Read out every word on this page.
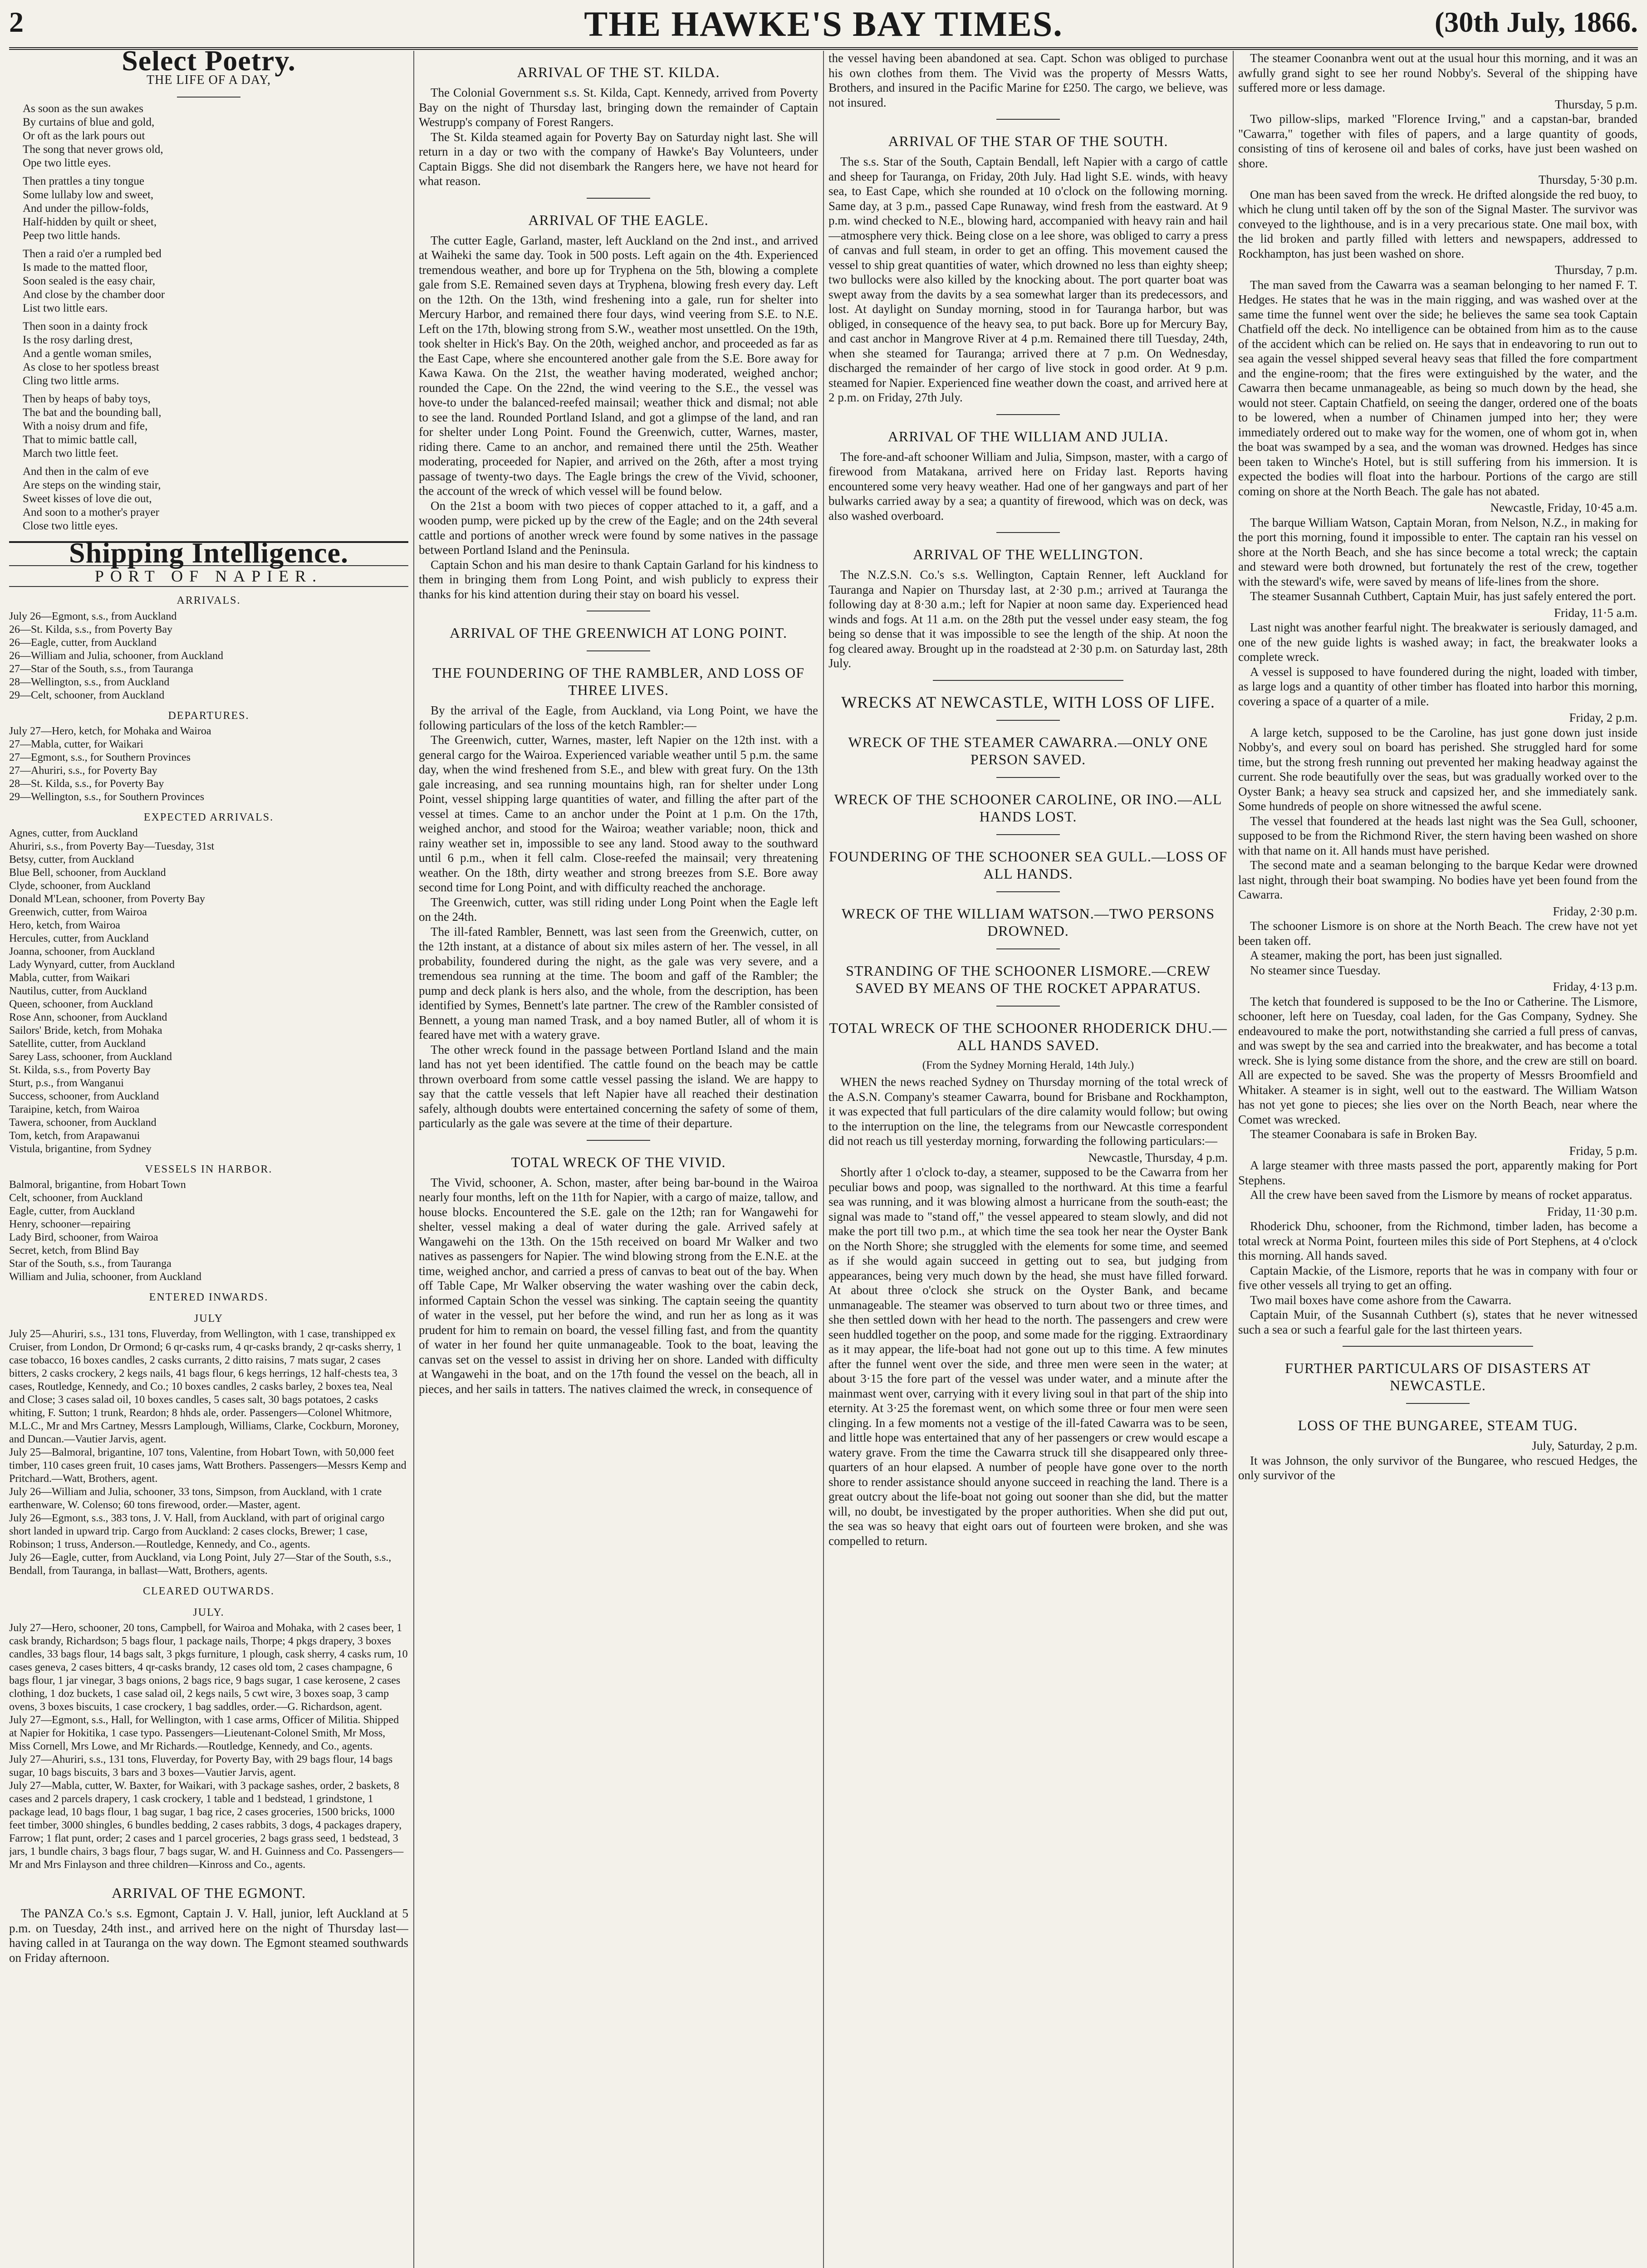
2	THE HAWKE'S BAY TIMES.	(30th July, 1866.
Select Poetry.
THE LIFE OF A DAY,
As soon as the sun awakes
By curtains of blue and gold,
Or oft as the lark pours out
The song that never grows old,
Ope two little eyes.
Then prattles a tiny tongue
Some lullaby low and sweet,
And under the pillow-folds,
Half-hidden by quilt or sheet,
Peep two little hands.
Then a raid o'er a rumpled bed
Is made to the matted floor,
Soon sealed is the easy chair,
And close by the chamber door
List two little ears.
Then soon in a dainty frock
Is the rosy darling drest,
And a gentle woman smiles,
As close to her spotless breast
Cling two little arms.
Then by heaps of baby toys,
The bat and the bounding ball,
With a noisy drum and fife,
That to mimic battle call,
March two little feet.
And then in the calm of eve
Are steps on the winding stair,
Sweet kisses of love die out,
And soon to a mother's prayer
Close two little eyes.
Shipping Intelligence.
PORT OF NAPIER.
ARRIVALS.
July 26—Egmont, s.s., from Auckland
26—St. Kilda, s.s., from Poverty Bay
26—Eagle, cutter, from Auckland
26—William and Julia, schooner, from Auckland
27—Star of the South, s.s., from Tauranga
28—Wellington, s.s., from Auckland
29—Celt, schooner, from Auckland
DEPARTURES.
July 27—Hero, ketch, for Mohaka and Wairoa
27—Mabla, cutter, for Waikari
27—Egmont, s.s., for Southern Provinces
27—Ahuriri, s.s., for Poverty Bay
28—St. Kilda, s.s., for Poverty Bay
29—Wellington, s.s., for Southern Provinces
EXPECTED ARRIVALS.
Agnes, cutter, from Auckland
Ahuriri, s.s., from Poverty Bay—Tuesday, 31st
Betsy, cutter, from Auckland
Blue Bell, schooner, from Auckland
Clyde, schooner, from Auckland
Donald M'Lean, schooner, from Poverty Bay
Greenwich, cutter, from Wairoa
Hero, ketch, from Wairoa
Hercules, cutter, from Auckland
Joanna, schooner, from Auckland
Lady Wynyard, cutter, from Auckland
Mabla, cutter, from Waikari
Nautilus, cutter, from Auckland
Queen, schooner, from Auckland
Rose Ann, schooner, from Auckland
Sailors' Bride, ketch, from Mohaka
Satellite, cutter, from Auckland
Sarey Lass, schooner, from Auckland
St. Kilda, s.s., from Poverty Bay
Sturt, p.s., from Wanganui
Success, schooner, from Auckland
Taraipine, ketch, from Wairoa
Tawera, schooner, from Auckland
Tom, ketch, from Arapawanui
Vistula, brigantine, from Sydney
VESSELS IN HARBOR.
Balmoral, brigantine, from Hobart Town
Celt, schooner, from Auckland
Eagle, cutter, from Auckland
Henry, schooner—repairing
Lady Bird, schooner, from Wairoa
Secret, ketch, from Blind Bay
Star of the South, s.s., from Tauranga
William and Julia, schooner, from Auckland
ENTERED INWARDS.
JULY
July 25—Ahuriri, s.s., 131 tons, Fluverday, from Wellington, with 1 case, transhipped ex Cruiser, from London, Dr Ormond; 6 qr-casks rum, 4 qr-casks brandy, 2 qr-casks sherry, 1 case tobacco, 16 boxes candles, 2 casks currants, 2 ditto raisins, 7 mats sugar, 2 cases bitters, 2 casks crockery, 2 kegs nails, 41 bags flour, 6 kegs herrings, 12 half-chests tea, 3 cases, Routledge, Kennedy, and Co.; 10 boxes candles, 2 casks barley, 2 boxes tea, Neal and Close; 3 cases salad oil, 10 boxes candles, 5 cases salt, 30 bags potatoes, 2 casks whiting, F. Sutton; 1 trunk, Reardon; 8 hhds ale, order. Passengers—Colonel Whitmore, M.L.C., Mr and Mrs Cartney, Messrs Lamplough, Williams, Clarke, Cockburn, Moroney, and Duncan.—Vautier Jarvis, agent.
July 25—Balmoral, brigantine, 107 tons, Valentine, from Hobart Town, with 50,000 feet timber, 110 cases green fruit, 10 cases jams, Watt Brothers. Passengers—Messrs Kemp and Pritchard.—Watt, Brothers, agent.
July 26—William and Julia, schooner, 33 tons, Simpson, from Auckland, with 1 crate earthenware, W. Colenso; 60 tons firewood, order.—Master, agent.
July 26—Egmont, s.s., 383 tons, J. V. Hall, from Auckland, with part of original cargo short landed in upward trip. Cargo from Auckland: 2 cases clocks, Brewer; 1 case, Robinson; 1 truss, Anderson.—Routledge, Kennedy, and Co., agents.
July 26—Eagle, cutter, from Auckland, via Long Point, July 27—Star of the South, s.s., Bendall, from Tauranga, in ballast—Watt, Brothers, agents.
CLEARED OUTWARDS.
JULY.
July 27—Hero, schooner, 20 tons, Campbell, for Wairoa and Mohaka, with 2 cases beer, 1 cask brandy, Richardson; 5 bags flour, 1 package nails, Thorpe; 4 pkgs drapery, 3 boxes candles, 33 bags flour, 14 bags salt, 3 pkgs furniture, 1 plough, cask sherry, 4 casks rum, 10 cases geneva, 2 cases bitters, 4 qr-casks brandy, 12 cases old tom, 2 cases champagne, 6 bags flour, 1 jar vinegar, 3 bags onions, 2 bags rice, 9 bags sugar, 1 case kerosene, 2 cases clothing, 1 doz buckets, 1 case salad oil, 2 kegs nails, 5 cwt wire, 3 boxes soap, 3 camp ovens, 3 boxes biscuits, 1 case crockery, 1 bag saddles, order.—G. Richardson, agent.
July 27—Egmont, s.s., Hall, for Wellington, with 1 case arms, Officer of Militia. Shipped at Napier for Hokitika, 1 case typo. Passengers—Lieutenant-Colonel Smith, Mr Moss, Miss Cornell, Mrs Lowe, and Mr Richards.—Routledge, Kennedy, and Co., agents.
July 27—Ahuriri, s.s., 131 tons, Fluverday, for Poverty Bay, with 29 bags flour, 14 bags sugar, 10 bags biscuits, 3 bars and 3 boxes—Vautier Jarvis, agent.
July 27—Mabla, cutter, W. Baxter, for Waikari, with 3 package sashes, order, 2 baskets, 8 cases and 2 parcels drapery, 1 cask crockery, 1 table and 1 bedstead, 1 grindstone, 1 package lead, 10 bags flour, 1 bag sugar, 1 bag rice, 2 cases groceries, 1500 bricks, 1000 feet timber, 3000 shingles, 6 bundles bedding, 2 cases rabbits, 3 dogs, 4 packages drapery, Farrow; 1 flat punt, order; 2 cases and 1 parcel groceries, 2 bags grass seed, 1 bedstead, 3 jars, 1 bundle chairs, 3 bags flour, 7 bags sugar, W. and H. Guinness and Co. Passengers—Mr and Mrs Finlayson and three children—Kinross and Co., agents.
ARRIVAL OF THE EGMONT.

The PANZA Co.'s s.s. Egmont, Captain J. V. Hall, junior, left Auckland at 5 p.m. on Tuesday, 24th inst., and arrived here on the night of Thursday last—having called in at Tauranga on the way down. The Egmont steamed southwards on Friday afternoon.

ARRIVAL OF THE ST. KILDA.

The Colonial Government s.s. St. Kilda, Capt. Kennedy, arrived from Poverty Bay on the night of Thursday last, bringing down the remainder of Captain Westrupp's company of Forest Rangers.

The St. Kilda steamed again for Poverty Bay on Saturday night last. She will return in a day or two with the company of Hawke's Bay Volunteers, under Captain Biggs. She did not disembark the Rangers here, we have not heard for what reason.

ARRIVAL OF THE EAGLE.

The cutter Eagle, Garland, master, left Auckland on the 2nd inst., and arrived at Waiheki the same day. Took in 500 posts. Left again on the 4th. Experienced tremendous weather, and bore up for Tryphena on the 5th, blowing a complete gale from S.E. Remained seven days at Tryphena, blowing fresh every day. Left on the 12th. On the 13th, wind freshening into a gale, run for shelter into Mercury Harbor, and remained there four days, wind veering from S.E. to N.E. Left on the 17th, blowing strong from S.W., weather most unsettled. On the 19th, took shelter in Hick's Bay. On the 20th, weighed anchor, and proceeded as far as the East Cape, where she encountered another gale from the S.E. Bore away for Kawa Kawa. On the 21st, the weather having moderated, weighed anchor; rounded the Cape. On the 22nd, the wind veering to the S.E., the vessel was hove-to under the balanced-reefed mainsail; weather thick and dismal; not able to see the land. Rounded Portland Island, and got a glimpse of the land, and ran for shelter under Long Point. Found the Greenwich, cutter, Warnes, master, riding there. Came to an anchor, and remained there until the 25th. Weather moderating, proceeded for Napier, and arrived on the 26th, after a most trying passage of twenty-two days. The Eagle brings the crew of the Vivid, schooner, the account of the wreck of which vessel will be found below.

On the 21st a boom with two pieces of copper attached to it, a gaff, and a wooden pump, were picked up by the crew of the Eagle; and on the 24th several cattle and portions of another wreck were found by some natives in the passage between Portland Island and the Peninsula.

Captain Schon and his man desire to thank Captain Garland for his kindness to them in bringing them from Long Point, and wish publicly to express their thanks for his kind attention during their stay on board his vessel.

ARRIVAL OF THE GREENWICH AT LONG POINT.
THE FOUNDERING OF THE RAMBLER, AND LOSS OF THREE LIVES.

By the arrival of the Eagle, from Auckland, via Long Point, we have the following particulars of the loss of the ketch Rambler:—

The Greenwich, cutter, Warnes, master, left Napier on the 12th inst. with a general cargo for the Wairoa. Experienced variable weather until 5 p.m. the same day, when the wind freshened from S.E., and blew with great fury. On the 13th gale increasing, and sea running mountains high, ran for shelter under Long Point, vessel shipping large quantities of water, and filling the after part of the vessel at times. Came to an anchor under the Point at 1 p.m. On the 17th, weighed anchor, and stood for the Wairoa; weather variable; noon, thick and rainy weather set in, impossible to see any land. Stood away to the southward until 6 p.m., when it fell calm. Close-reefed the mainsail; very threatening weather. On the 18th, dirty weather and strong breezes from S.E. Bore away second time for Long Point, and with difficulty reached the anchorage.

The Greenwich, cutter, was still riding under Long Point when the Eagle left on the 24th.

The ill-fated Rambler, Bennett, was last seen from the Greenwich, cutter, on the 12th instant, at a distance of about six miles astern of her. The vessel, in all probability, foundered during the night, as the gale was very severe, and a tremendous sea running at the time. The boom and gaff of the Rambler; the pump and deck plank is hers also, and the whole, from the description, has been identified by Symes, Bennett's late partner. The crew of the Rambler consisted of Bennett, a young man named Trask, and a boy named Butler, all of whom it is feared have met with a watery grave.

The other wreck found in the passage between Portland Island and the main land has not yet been identified. The cattle found on the beach may be cattle thrown overboard from some cattle vessel passing the island. We are happy to say that the cattle vessels that left Napier have all reached their destination safely, although doubts were entertained concerning the safety of some of them, particularly as the gale was severe at the time of their departure.

TOTAL WRECK OF THE VIVID.

The Vivid, schooner, A. Schon, master, after being bar-bound in the Wairoa nearly four months, left on the 11th for Napier, with a cargo of maize, tallow, and house blocks. Encountered the S.E. gale on the 12th; ran for Wangawehi for shelter, vessel making a deal of water during the gale. Arrived safely at Wangawehi on the 13th. On the 15th received on board Mr Walker and two natives as passengers for Napier. The wind blowing strong from the E.N.E. at the time, weighed anchor, and carried a press of canvas to beat out of the bay. When off Table Cape, Mr Walker observing the water washing over the cabin deck, informed Captain Schon the vessel was sinking. The captain seeing the quantity of water in the vessel, put her before the wind, and run her as long as it was prudent for him to remain on board, the vessel filling fast, and from the quantity of water in her found her quite unmanageable. Took to the boat, leaving the canvas set on the vessel to assist in driving her on shore. Landed with difficulty at Wangawehi in the boat, and on the 17th found the vessel on the beach, all in pieces, and her sails in tatters. The natives claimed the wreck, in consequence of

the vessel having been abandoned at sea. Capt. Schon was obliged to purchase his own clothes from them. The Vivid was the property of Messrs Watts, Brothers, and insured in the Pacific Marine for £250. The cargo, we believe, was not insured.

ARRIVAL OF THE STAR OF THE SOUTH.

The s.s. Star of the South, Captain Bendall, left Napier with a cargo of cattle and sheep for Tauranga, on Friday, 20th July. Had light S.E. winds, with heavy sea, to East Cape, which she rounded at 10 o'clock on the following morning. Same day, at 3 p.m., passed Cape Runaway, wind fresh from the eastward. At 9 p.m. wind checked to N.E., blowing hard, accompanied with heavy rain and hail—atmosphere very thick. Being close on a lee shore, was obliged to carry a press of canvas and full steam, in order to get an offing. This movement caused the vessel to ship great quantities of water, which drowned no less than eighty sheep; two bullocks were also killed by the knocking about. The port quarter boat was swept away from the davits by a sea somewhat larger than its predecessors, and lost. At daylight on Sunday morning, stood in for Tauranga harbor, but was obliged, in consequence of the heavy sea, to put back. Bore up for Mercury Bay, and cast anchor in Mangrove River at 4 p.m. Remained there till Tuesday, 24th, when she steamed for Tauranga; arrived there at 7 p.m. On Wednesday, discharged the remainder of her cargo of live stock in good order. At 9 p.m. steamed for Napier. Experienced fine weather down the coast, and arrived here at 2 p.m. on Friday, 27th July.

ARRIVAL OF THE WILLIAM AND JULIA.

The fore-and-aft schooner William and Julia, Simpson, master, with a cargo of firewood from Matakana, arrived here on Friday last. Reports having encountered some very heavy weather. Had one of her gangways and part of her bulwarks carried away by a sea; a quantity of firewood, which was on deck, was also washed overboard.

ARRIVAL OF THE WELLINGTON.

The N.Z.S.N. Co.'s s.s. Wellington, Captain Renner, left Auckland for Tauranga and Napier on Thursday last, at 2·30 p.m.; arrived at Tauranga the following day at 8·30 a.m.; left for Napier at noon same day. Experienced head winds and fogs. At 11 a.m. on the 28th put the vessel under easy steam, the fog being so dense that it was impossible to see the length of the ship. At noon the fog cleared away. Brought up in the roadstead at 2·30 p.m. on Saturday last, 28th July.

WRECKS AT NEWCASTLE, WITH LOSS OF LIFE.
WRECK OF THE STEAMER CAWARRA.—ONLY ONE PERSON SAVED.
WRECK OF THE SCHOONER CAROLINE, OR INO.—ALL HANDS LOST.
FOUNDERING OF THE SCHOONER SEA GULL.—LOSS OF ALL HANDS.
WRECK OF THE WILLIAM WATSON.—TWO PERSONS DROWNED.
STRANDING OF THE SCHOONER LISMORE.—CREW SAVED BY MEANS OF THE ROCKET APPARATUS.
TOTAL WRECK OF THE SCHOONER RHODERICK DHU.—ALL HANDS SAVED.
(From the Sydney Morning Herald, 14th July.)

WHEN the news reached Sydney on Thursday morning of the total wreck of the A.S.N. Company's steamer Cawarra, bound for Brisbane and Rockhampton, it was expected that full particulars of the dire calamity would follow; but owing to the interruption on the line, the telegrams from our Newcastle correspondent did not reach us till yesterday morning, forwarding the following particulars:—

Newcastle, Thursday, 4 p.m.

Shortly after 1 o'clock to-day, a steamer, supposed to be the Cawarra from her peculiar bows and poop, was signalled to the northward. At this time a fearful sea was running, and it was blowing almost a hurricane from the south-east; the signal was made to "stand off," the vessel appeared to steam slowly, and did not make the port till two p.m., at which time the sea took her near the Oyster Bank on the North Shore; she struggled with the elements for some time, and seemed as if she would again succeed in getting out to sea, but judging from appearances, being very much down by the head, she must have filled forward. At about three o'clock she struck on the Oyster Bank, and became unmanageable. The steamer was observed to turn about two or three times, and she then settled down with her head to the north. The passengers and crew were seen huddled together on the poop, and some made for the rigging. Extraordinary as it may appear, the life-boat had not gone out up to this time. A few minutes after the funnel went over the side, and three men were seen in the water; at about 3·15 the fore part of the vessel was under water, and a minute after the mainmast went over, carrying with it every living soul in that part of the ship into eternity. At 3·25 the foremast went, on which some three or four men were seen clinging. In a few moments not a vestige of the ill-fated Cawarra was to be seen, and little hope was entertained that any of her passengers or crew would escape a watery grave. From the time the Cawarra struck till she disappeared only three-quarters of an hour elapsed. A number of people have gone over to the north shore to render assistance should anyone succeed in reaching the land. There is a great outcry about the life-boat not going out sooner than she did, but the matter will, no doubt, be investigated by the proper authorities. When she did put out, the sea was so heavy that eight oars out of fourteen were broken, and she was compelled to return.

The steamer Coonanbra went out at the usual hour this morning, and it was an awfully grand sight to see her round Nobby's. Several of the shipping have suffered more or less damage.

Thursday, 5 p.m.

Two pillow-slips, marked "Florence Irving," and a capstan-bar, branded "Cawarra," together with files of papers, and a large quantity of goods, consisting of tins of kerosene oil and bales of corks, have just been washed on shore.

Thursday, 5·30 p.m.

One man has been saved from the wreck. He drifted alongside the red buoy, to which he clung until taken off by the son of the Signal Master. The survivor was conveyed to the lighthouse, and is in a very precarious state. One mail box, with the lid broken and partly filled with letters and newspapers, addressed to Rockhampton, has just been washed on shore.

Thursday, 7 p.m.

The man saved from the Cawarra was a seaman belonging to her named F. T. Hedges. He states that he was in the main rigging, and was washed over at the same time the funnel went over the side; he believes the same sea took Captain Chatfield off the deck. No intelligence can be obtained from him as to the cause of the accident which can be relied on. He says that in endeavoring to run out to sea again the vessel shipped several heavy seas that filled the fore compartment and the engine-room; that the fires were extinguished by the water, and the Cawarra then became unmanageable, as being so much down by the head, she would not steer. Captain Chatfield, on seeing the danger, ordered one of the boats to be lowered, when a number of Chinamen jumped into her; they were immediately ordered out to make way for the women, one of whom got in, when the boat was swamped by a sea, and the woman was drowned. Hedges has since been taken to Winche's Hotel, but is still suffering from his immersion. It is expected the bodies will float into the harbour. Portions of the cargo are still coming on shore at the North Beach. The gale has not abated.

Newcastle, Friday, 10·45 a.m.

The barque William Watson, Captain Moran, from Nelson, N.Z., in making for the port this morning, found it impossible to enter. The captain ran his vessel on shore at the North Beach, and she has since become a total wreck; the captain and steward were both drowned, but fortunately the rest of the crew, together with the steward's wife, were saved by means of life-lines from the shore.

The steamer Susannah Cuthbert, Captain Muir, has just safely entered the port.

Friday, 11·5 a.m.

Last night was another fearful night. The breakwater is seriously damaged, and one of the new guide lights is washed away; in fact, the breakwater looks a complete wreck.

A vessel is supposed to have foundered during the night, loaded with timber, as large logs and a quantity of other timber has floated into harbor this morning, covering a space of a quarter of a mile.

Friday, 2 p.m.

A large ketch, supposed to be the Caroline, has just gone down just inside Nobby's, and every soul on board has perished. She struggled hard for some time, but the strong fresh running out prevented her making headway against the current. She rode beautifully over the seas, but was gradually worked over to the Oyster Bank; a heavy sea struck and capsized her, and she immediately sank. Some hundreds of people on shore witnessed the awful scene.

The vessel that foundered at the heads last night was the Sea Gull, schooner, supposed to be from the Richmond River, the stern having been washed on shore with that name on it. All hands must have perished.

The second mate and a seaman belonging to the barque Kedar were drowned last night, through their boat swamping. No bodies have yet been found from the Cawarra.

Friday, 2·30 p.m.

The schooner Lismore is on shore at the North Beach. The crew have not yet been taken off.

A steamer, making the port, has been just signalled.

No steamer since Tuesday.

Friday, 4·13 p.m.

The ketch that foundered is supposed to be the Ino or Catherine. The Lismore, schooner, left here on Tuesday, coal laden, for the Gas Company, Sydney. She endeavoured to make the port, notwithstanding she carried a full press of canvas, and was swept by the sea and carried into the breakwater, and has become a total wreck. She is lying some distance from the shore, and the crew are still on board. All are expected to be saved. She was the property of Messrs Broomfield and Whitaker. A steamer is in sight, well out to the eastward. The William Watson has not yet gone to pieces; she lies over on the North Beach, near where the Comet was wrecked.

The steamer Coonabara is safe in Broken Bay.

Friday, 5 p.m.

A large steamer with three masts passed the port, apparently making for Port Stephens.

All the crew have been saved from the Lismore by means of rocket apparatus.

Friday, 11·30 p.m.

Rhoderick Dhu, schooner, from the Richmond, timber laden, has become a total wreck at Norma Point, fourteen miles this side of Port Stephens, at 4 o'clock this morning. All hands saved.

Captain Mackie, of the Lismore, reports that he was in company with four or five other vessels all trying to get an offing.

Two mail boxes have come ashore from the Cawarra.

Captain Muir, of the Susannah Cuthbert (s), states that he never witnessed such a sea or such a fearful gale for the last thirteen years.

FURTHER PARTICULARS OF DISASTERS AT NEWCASTLE.
LOSS OF THE BUNGAREE, STEAM TUG.
July, Saturday, 2 p.m.

It was Johnson, the only survivor of the Bungaree, who rescued Hedges, the only survivor of the
